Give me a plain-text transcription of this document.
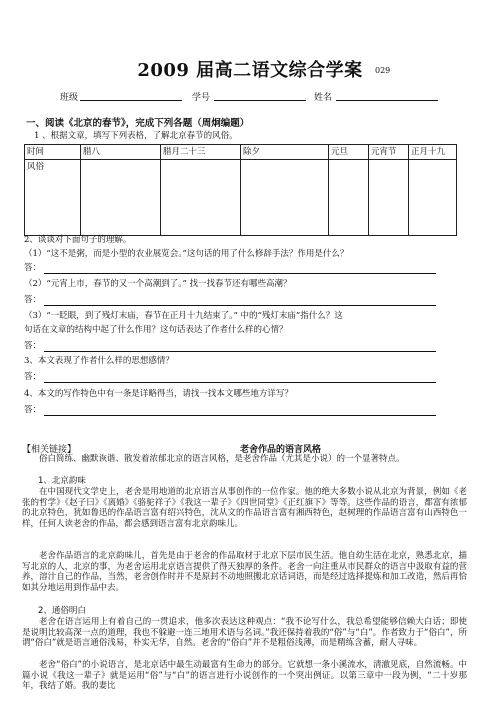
2009 届高二语文综合学案	029
班级	学号	姓名
一、阅读《北京的春节》，完成下列各题（周炯编题）
1 、根据文章，填写下列表格，了解北京春节的风俗。
时间	腊八	腊月二十三	除夕	元旦	元宵节	正月十九
风俗						
2、谈谈对下面句子的理解。
（1）“这不是粥，而是小型的农业展览会。”这句话的用了什么修辞手法？作用是什么？
答：
（2）“元宵上市，春节的又一个高潮到了。” 找一找春节还有哪些高潮？
答：
（3）“一眨眼，到了残灯末庙，春节在正月十九结束了。” 中的“残灯末庙”指什么？这
句话在文章的结构中起了什么作用？这句话表达了作者什么样的心情？
答：
3、本文表现了作者什么样的思想感情？
答：
4、本文的写作特色中有一条是详略得当，请找一找本文哪些地方详写？
答：
【相关链接】	老舍作品的语言风格
俗白简练、幽默诙谐、散发着浓郁北京的语言风格，是老舍作品（尤其是小说）的一个显著特点。
1、北京韵味
在中国现代文学史上，老舍是用地道的北京语言从事创作的一位作家。他的绝大多数小说从北京为背景，例如《老张的哲学》《赵子曰》《离婚》《骆驼祥子》《我这一辈子》《四世同堂》《正红旗下》等等。这些作品的语言，都富有浓郁的北京特色，犹如鲁迅的作品语言富有绍兴特色，沈从文的作品语言富有湘西特色，赵树理的作品语言富有山西特色一样，任何人读老舍的作品，都会感到语言富有北京韵味儿。
老舍作品语言的北京韵味儿，首先是由于老舍的作品取材于北京下层市民生活。他自幼生活在北京，熟悉北京，描写北京的人，北京的事，为老舍运用北京语言提供了得天独厚的条件。老舍一向注重从市民群众的语言中汲取有益的营养，溶汁自己的作品，当然，老舍创作时并不是原封不动地照搬北京话词语，而是经过选择提炼和加工改造，然后再恰如其分地运用到作品中去。
2、通俗明白
老舍在语言运用上有着自己的一贯追求，他多次表达这种观点：“我不论写什么，我总希望能够信赖大白话；即使是说明比较高深一点的道理，我也不躲避一连三地用术语与名词。”我还保持着我的“俗”与“白”。作者致力于“俗白”，所谓“俗白”就是语言通俗浅易，朴实无华，自然。老舍的“俗白”并不是粗俗浅薄，而是精练含蓄，耐人寻味。
老舍“俗白”的小说语言，是北京话中最生动最富有生命力的部分。它就想一条小溪流水，清澈见底，自然流畅。中篇小说《我这一辈子》就是运用“俗”与“白”的语言进行小说创作的一个突出例证。以第三章中一段为例，“二十岁那年，我结了婚。我的妻比
